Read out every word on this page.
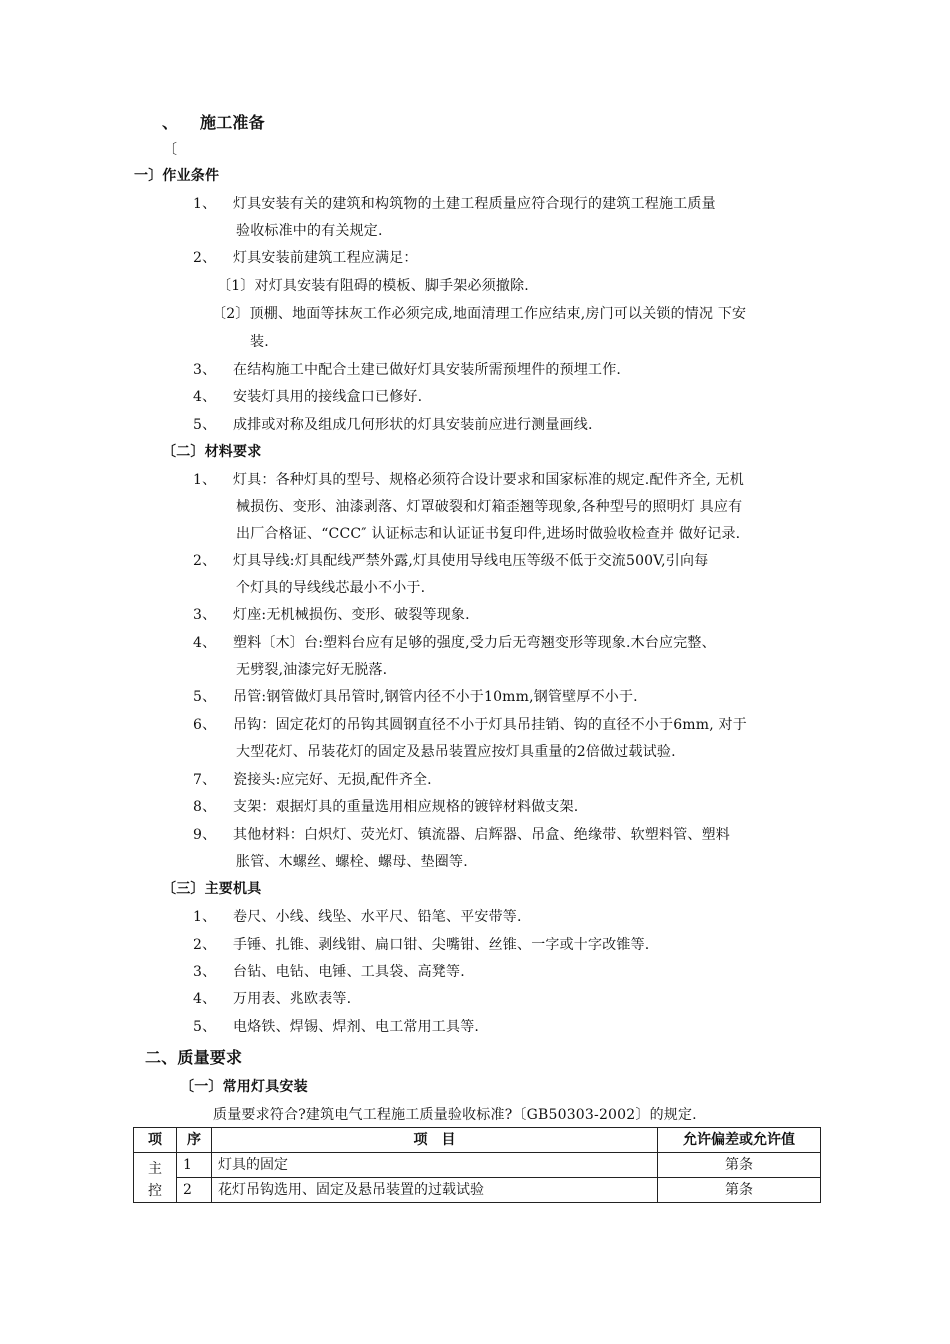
、 施工准备
〔
一〕作业条件
1、 灯具安装有关的建筑和构筑物的土建工程质量应符合现行的建筑工程施工质量
验收标准中的有关规定.
2、 灯具安装前建筑工程应满足：
〔1〕对灯具安装有阻碍的模板、脚手架必须撤除.
〔2〕顶棚、地面等抹灰工作必须完成,地面清理工作应结束,房门可以关锁的情况 下安
装.
3、 在结构施工中配合土建已做好灯具安装所需预埋件的预埋工作.
4、 安装灯具用的接线盒口已修好.
5、 成排或对称及组成几何形状的灯具安装前应进行测量画线.
〔二〕材料要求
1、 灯具：各种灯具的型号、规格必须符合设计要求和国家标准的规定.配件齐全, 无机
械损伤、变形、油漆剥落、灯罩破裂和灯箱歪翘等现象,各种型号的照明灯 具应有
出厂合格证、“CCC″ 认证标志和认证证书复印件,进场时做验收检查并 做好记录.
2、 灯具导线:灯具配线严禁外露,灯具使用导线电压等级不低于交流500V,引向每
个灯具的导线线芯最小不小于.
3、 灯座:无机械损伤、变形、破裂等现象.
4、 塑料〔木〕台:塑料台应有足够的强度,受力后无弯翘变形等现象.木台应完整、
无劈裂,油漆完好无脱落.
5、 吊管:钢管做灯具吊管时,钢管内径不小于10mm,钢管壁厚不小于.
6、 吊钩：固定花灯的吊钩其圆钢直径不小于灯具吊挂销、钩的直径不小于6mm, 对于
大型花灯、吊装花灯的固定及悬吊装置应按灯具重量的2倍做过载试验.
7、 瓷接头:应完好、无损,配件齐全.
8、 支架：艰据灯具的重量选用相应规格的镀锌材料做支架.
9、 其他材料：白炽灯、荧光灯、镇流器、启辉器、吊盒、绝缘带、软塑料管、塑料
胀管、木螺丝、螺栓、螺母、垫圈等.
〔三〕主要机具
1、 卷尺、小线、线坠、水平尺、铅笔、平安带等.
2、 手锤、扎锥、剥线钳、扁口钳、尖嘴钳、丝锥、一字或十字改锥等.
3、 台钻、电钻、电锤、工具袋、高凳等.
4、 万用表、兆欧表等.
5、 电烙铁、焊锡、焊剂、电工常用工具等.
二、质量要求
〔一〕常用灯具安装
质量要求符合?建筑电气工程施工质量验收标准?〔GB50303-2002〕的规定.
项	序	项　目	允许偏差或允许值
主 控	1	灯具的固定	第条
	2	花灯吊钩选用、固定及悬吊装置的过载试验	第条
